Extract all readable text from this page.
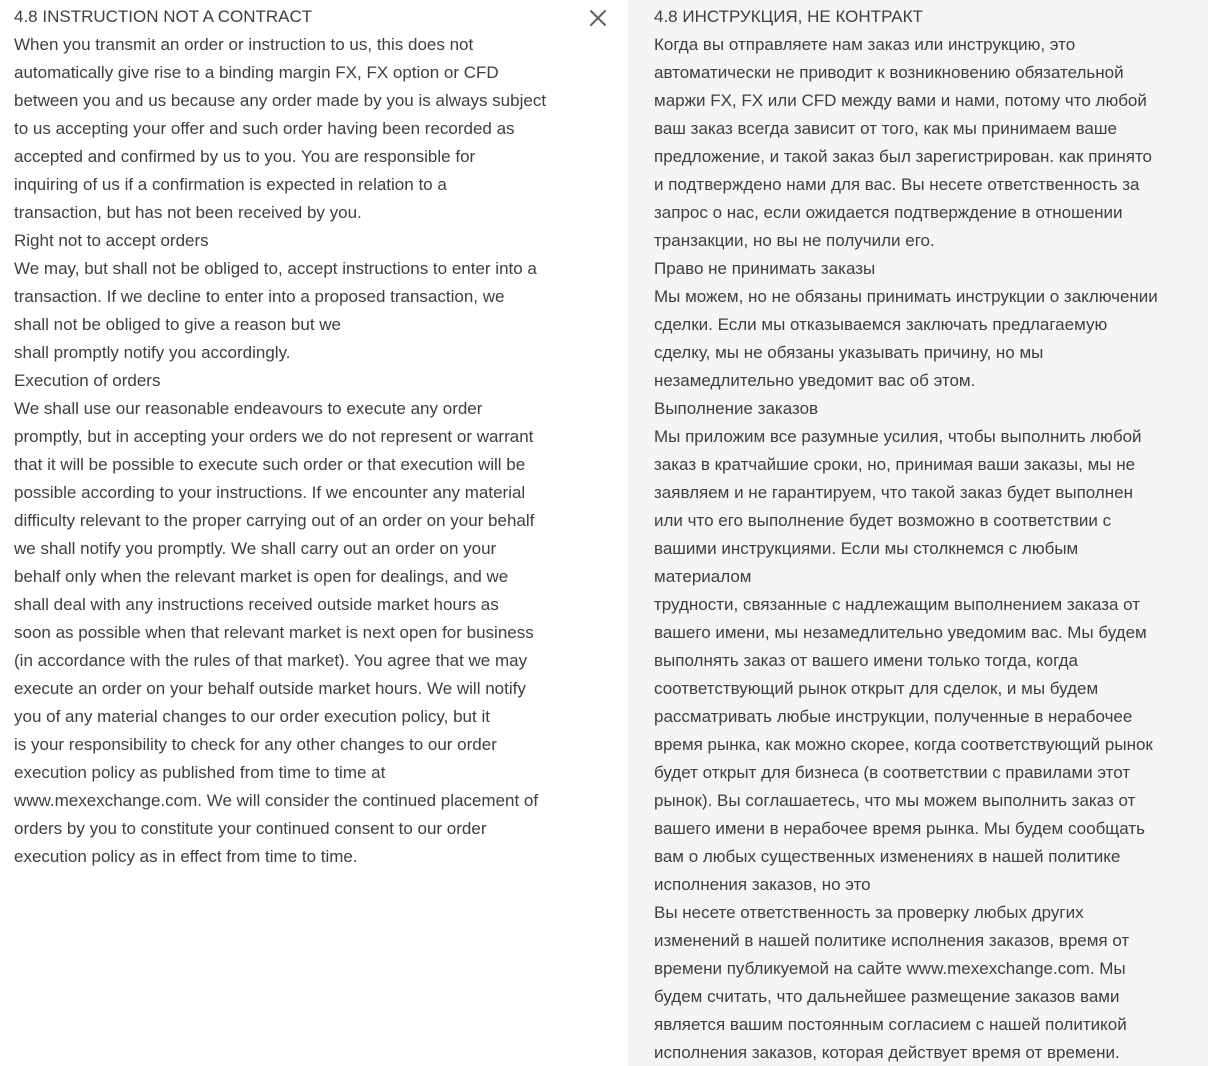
4.8 INSTRUCTION NOT A CONTRACT
When you transmit an order or instruction to us, this does not
automatically give rise to a binding margin FX, FX option or CFD
between you and us because any order made by you is always subject
to us accepting your offer and such order having been recorded as
accepted and confirmed by us to you. You are responsible for
inquiring of us if a confirmation is expected in relation to a
transaction, but has not been received by you.
Right not to accept orders
We may, but shall not be obliged to, accept instructions to enter into a
transaction. If we decline to enter into a proposed transaction, we
shall not be obliged to give a reason but we
shall promptly notify you accordingly.
Execution of orders
We shall use our reasonable endeavours to execute any order
promptly, but in accepting your orders we do not represent or warrant
that it will be possible to execute such order or that execution will be
possible according to your instructions. If we encounter any material
difficulty relevant to the proper carrying out of an order on your behalf
we shall notify you promptly. We shall carry out an order on your
behalf only when the relevant market is open for dealings, and we
shall deal with any instructions received outside market hours as
soon as possible when that relevant market is next open for business
(in accordance with the rules of that market). You agree that we may
execute an order on your behalf outside market hours. We will notify
you of any material changes to our order execution policy, but it
is your responsibility to check for any other changes to our order
execution policy as published from time to time at
www.mexexchange.com. We will consider the continued placement of
orders by you to constitute your continued consent to our order
execution policy as in effect from time to time.
4.8 ИНСТРУКЦИЯ, НЕ КОНТРАКТ
Когда вы отправляете нам заказ или инструкцию, это
автоматически не приводит к возникновению обязательной
маржи FX, FX или CFD между вами и нами, потому что любой
ваш заказ всегда зависит от того, как мы принимаем ваше
предложение, и такой заказ был зарегистрирован. как принято
и подтверждено нами для вас. Вы несете ответственность за
запрос о нас, если ожидается подтверждение в отношении
транзакции, но вы не получили его.
Право не принимать заказы
Мы можем, но не обязаны принимать инструкции о заключении
сделки. Если мы отказываемся заключать предлагаемую
сделку, мы не обязаны указывать причину, но мы
незамедлительно уведомит вас об этом.
Выполнение заказов
Мы приложим все разумные усилия, чтобы выполнить любой
заказ в кратчайшие сроки, но, принимая ваши заказы, мы не
заявляем и не гарантируем, что такой заказ будет выполнен
или что его выполнение будет возможно в соответствии с
вашими инструкциями. Если мы столкнемся с любым
материалом
трудности, связанные с надлежащим выполнением заказа от
вашего имени, мы незамедлительно уведомим вас. Мы будем
выполнять заказ от вашего имени только тогда, когда
соответствующий рынок открыт для сделок, и мы будем
рассматривать любые инструкции, полученные в нерабочее
время рынка, как можно скорее, когда соответствующий рынок
будет открыт для бизнеса (в соответствии с правилами этот
рынок). Вы соглашаетесь, что мы можем выполнить заказ от
вашего имени в нерабочее время рынка. Мы будем сообщать
вам о любых существенных изменениях в нашей политике
исполнения заказов, но это
Вы несете ответственность за проверку любых других
изменений в нашей политике исполнения заказов, время от
времени публикуемой на сайте www.mexexchange.com. Мы
будем считать, что дальнейшее размещение заказов вами
является вашим постоянным согласием с нашей политикой
исполнения заказов, которая действует время от времени.
